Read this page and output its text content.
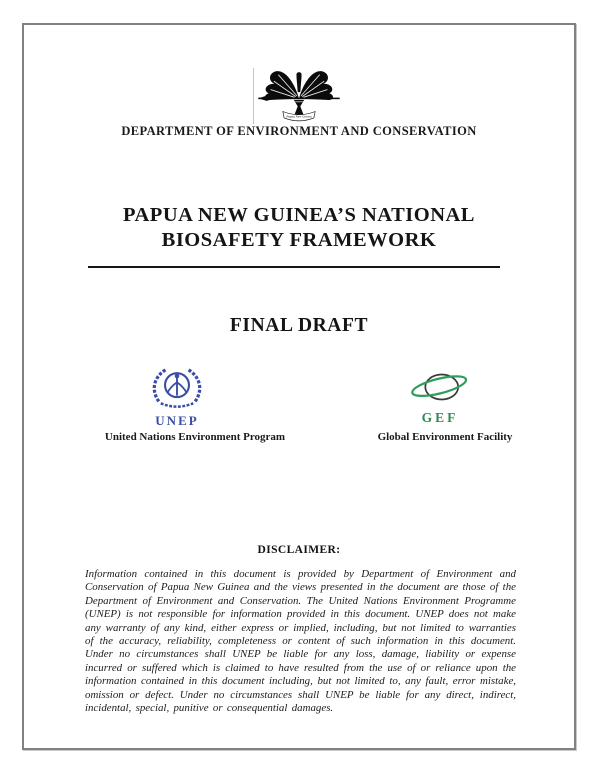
Papua New Guinea
DEPARTMENT OF ENVIRONMENT AND CONSERVATION
PAPUA NEW GUINEA’S NATIONAL
BIOSAFETY FRAMEWORK
FINAL DRAFT
UNEP	GEF
United Nations Environment Program	Global Environment Facility
DISCLAIMER:
Information contained in this document is provided by Department of Environment and Conservation of Papua New Guinea and the views presented in the document are those of the Department of Environment and Conservation. The United Nations Environment Programme (UNEP) is not responsible for information provided in this document. UNEP does not make any warranty of any kind, either express or implied, including, but not limited to warranties of the accuracy, reliability, completeness or content of such information in this document. Under no circumstances shall UNEP be liable for any loss, damage, liability or expense incurred or suffered which is claimed to have resulted from the use of or reliance upon the information contained in this document including, but not limited to, any fault, error mistake, omission or defect. Under no circumstances shall UNEP be liable for any direct, indirect, incidental, special, punitive or consequential damages.
